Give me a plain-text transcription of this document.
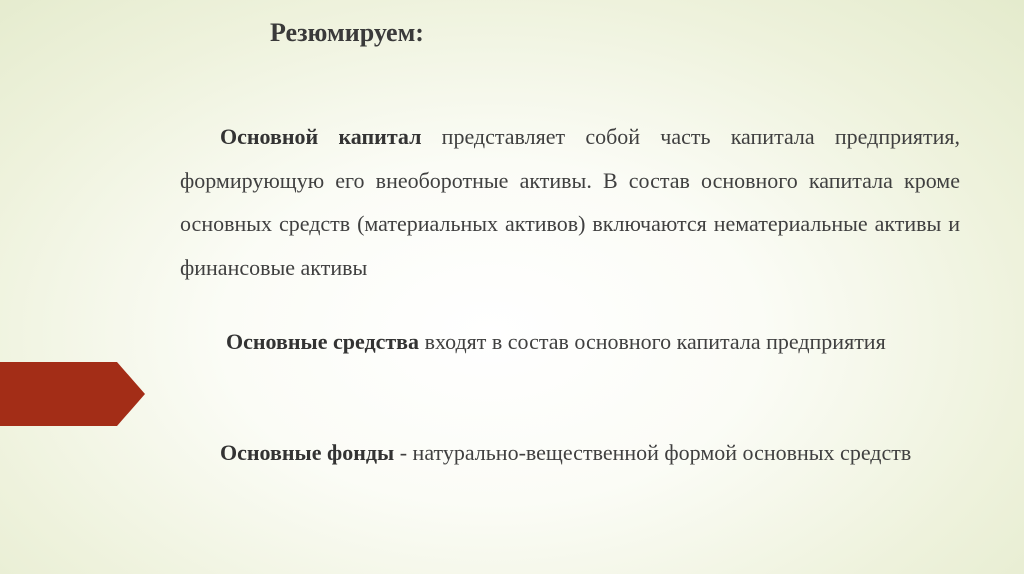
Резюмируем:

Основной капитал представляет собой часть капитала предприятия, формирующую его внеоборотные активы. В состав основного капитала кроме основных средств (материальных активов) включаются нематериальные активы и финансовые активы

Основные средства входят в состав основного капитала предприятия

Основные фонды - натурально-вещественной формой основных средств
